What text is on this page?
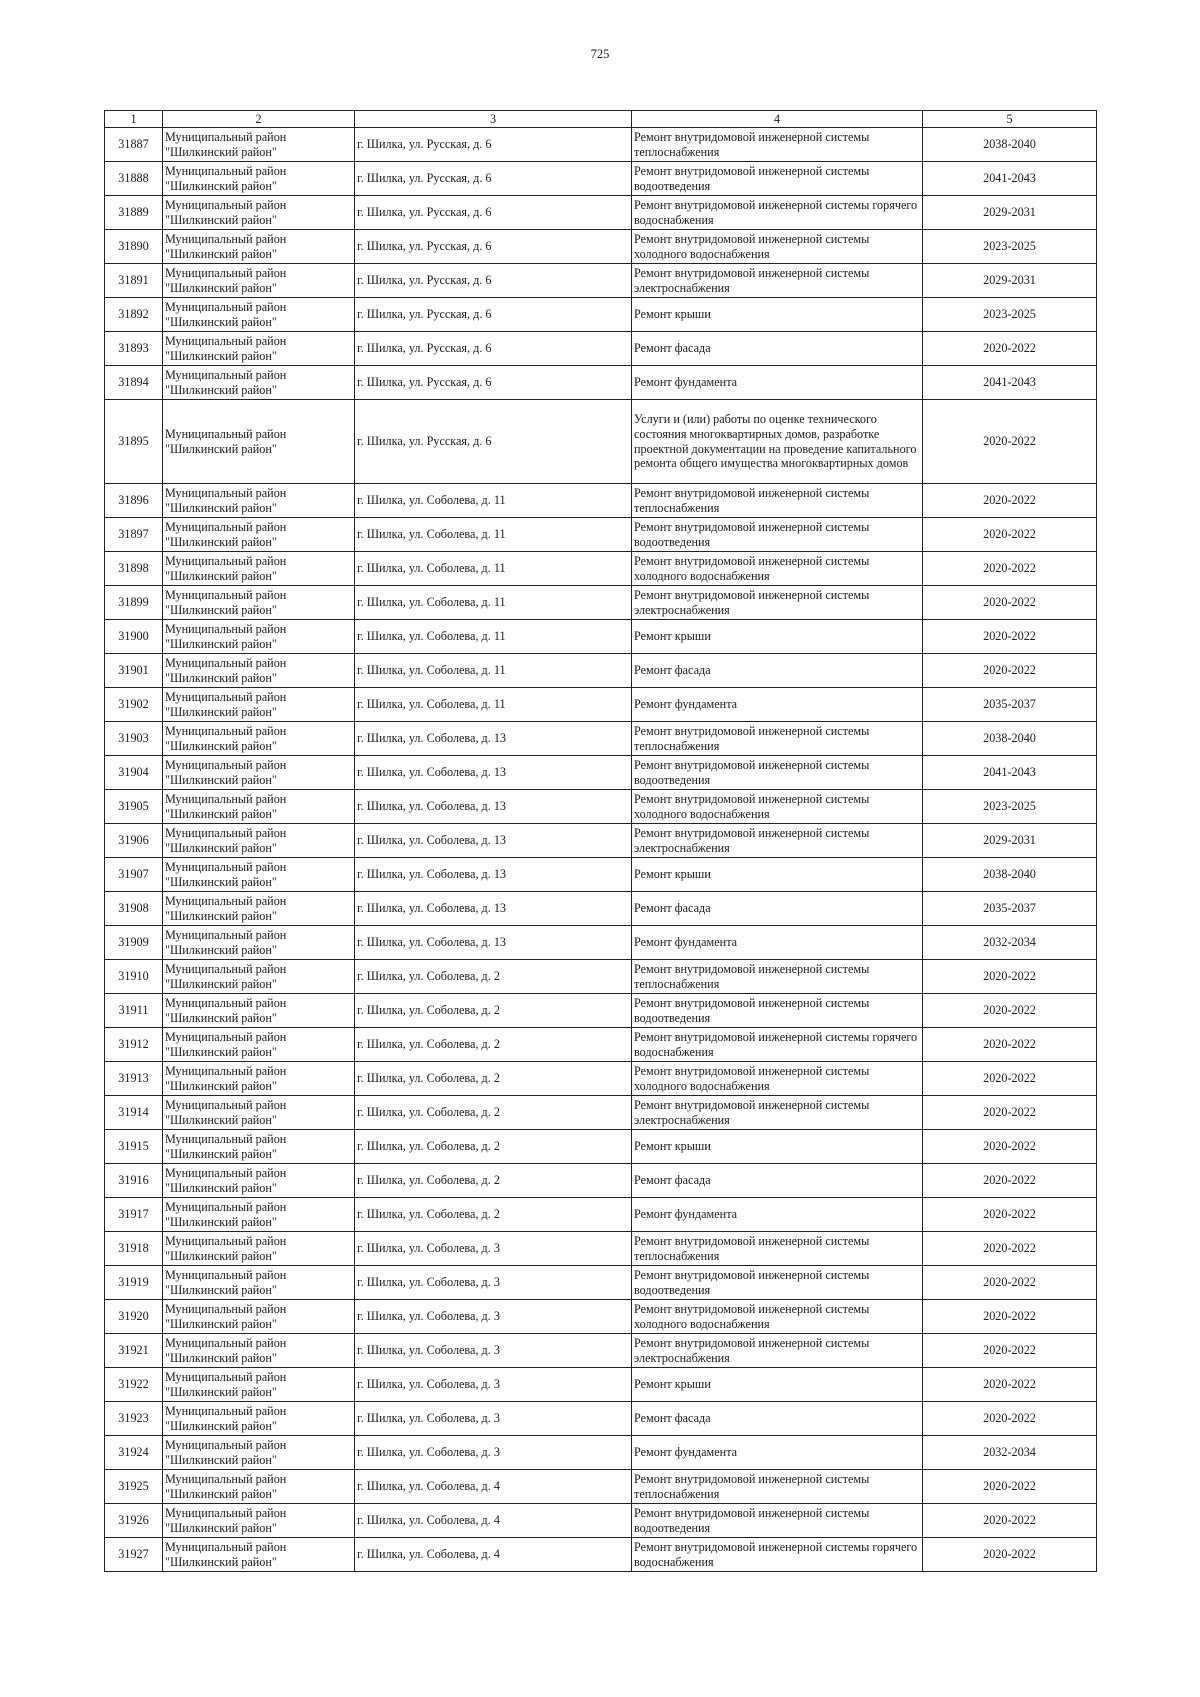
725
1	2	3	4	5
31887	Муниципальный район "Шилкинский район"	г. Шилка, ул. Русская, д. 6	Ремонт внутридомовой инженерной системы теплоснабжения	2038-2040
31888	Муниципальный район "Шилкинский район"	г. Шилка, ул. Русская, д. 6	Ремонт внутридомовой инженерной системы водоотведения	2041-2043
31889	Муниципальный район "Шилкинский район"	г. Шилка, ул. Русская, д. 6	Ремонт внутридомовой инженерной системы горячего водоснабжения	2029-2031
31890	Муниципальный район "Шилкинский район"	г. Шилка, ул. Русская, д. 6	Ремонт внутридомовой инженерной системы холодного водоснабжения	2023-2025
31891	Муниципальный район "Шилкинский район"	г. Шилка, ул. Русская, д. 6	Ремонт внутридомовой инженерной системы электроснабжения	2029-2031
31892	Муниципальный район "Шилкинский район"	г. Шилка, ул. Русская, д. 6	Ремонт крыши	2023-2025
31893	Муниципальный район "Шилкинский район"	г. Шилка, ул. Русская, д. 6	Ремонт фасада	2020-2022
31894	Муниципальный район "Шилкинский район"	г. Шилка, ул. Русская, д. 6	Ремонт фундамента	2041-2043
31895	Муниципальный район "Шилкинский район"	г. Шилка, ул. Русская, д. 6	Услуги и (или) работы по оценке технического состояния многоквартирных домов, разработке проектной документации на проведение капитального ремонта общего имущества многоквартирных домов	2020-2022
31896	Муниципальный район "Шилкинский район"	г. Шилка, ул. Соболева, д. 11	Ремонт внутридомовой инженерной системы теплоснабжения	2020-2022
31897	Муниципальный район "Шилкинский район"	г. Шилка, ул. Соболева, д. 11	Ремонт внутридомовой инженерной системы водоотведения	2020-2022
31898	Муниципальный район "Шилкинский район"	г. Шилка, ул. Соболева, д. 11	Ремонт внутридомовой инженерной системы холодного водоснабжения	2020-2022
31899	Муниципальный район "Шилкинский район"	г. Шилка, ул. Соболева, д. 11	Ремонт внутридомовой инженерной системы электроснабжения	2020-2022
31900	Муниципальный район "Шилкинский район"	г. Шилка, ул. Соболева, д. 11	Ремонт крыши	2020-2022
31901	Муниципальный район "Шилкинский район"	г. Шилка, ул. Соболева, д. 11	Ремонт фасада	2020-2022
31902	Муниципальный район "Шилкинский район"	г. Шилка, ул. Соболева, д. 11	Ремонт фундамента	2035-2037
31903	Муниципальный район "Шилкинский район"	г. Шилка, ул. Соболева, д. 13	Ремонт внутридомовой инженерной системы теплоснабжения	2038-2040
31904	Муниципальный район "Шилкинский район"	г. Шилка, ул. Соболева, д. 13	Ремонт внутридомовой инженерной системы водоотведения	2041-2043
31905	Муниципальный район "Шилкинский район"	г. Шилка, ул. Соболева, д. 13	Ремонт внутридомовой инженерной системы холодного водоснабжения	2023-2025
31906	Муниципальный район "Шилкинский район"	г. Шилка, ул. Соболева, д. 13	Ремонт внутридомовой инженерной системы электроснабжения	2029-2031
31907	Муниципальный район "Шилкинский район"	г. Шилка, ул. Соболева, д. 13	Ремонт крыши	2038-2040
31908	Муниципальный район "Шилкинский район"	г. Шилка, ул. Соболева, д. 13	Ремонт фасада	2035-2037
31909	Муниципальный район "Шилкинский район"	г. Шилка, ул. Соболева, д. 13	Ремонт фундамента	2032-2034
31910	Муниципальный район "Шилкинский район"	г. Шилка, ул. Соболева, д. 2	Ремонт внутридомовой инженерной системы теплоснабжения	2020-2022
31911	Муниципальный район "Шилкинский район"	г. Шилка, ул. Соболева, д. 2	Ремонт внутридомовой инженерной системы водоотведения	2020-2022
31912	Муниципальный район "Шилкинский район"	г. Шилка, ул. Соболева, д. 2	Ремонт внутридомовой инженерной системы горячего водоснабжения	2020-2022
31913	Муниципальный район "Шилкинский район"	г. Шилка, ул. Соболева, д. 2	Ремонт внутридомовой инженерной системы холодного водоснабжения	2020-2022
31914	Муниципальный район "Шилкинский район"	г. Шилка, ул. Соболева, д. 2	Ремонт внутридомовой инженерной системы электроснабжения	2020-2022
31915	Муниципальный район "Шилкинский район"	г. Шилка, ул. Соболева, д. 2	Ремонт крыши	2020-2022
31916	Муниципальный район "Шилкинский район"	г. Шилка, ул. Соболева, д. 2	Ремонт фасада	2020-2022
31917	Муниципальный район "Шилкинский район"	г. Шилка, ул. Соболева, д. 2	Ремонт фундамента	2020-2022
31918	Муниципальный район "Шилкинский район"	г. Шилка, ул. Соболева, д. 3	Ремонт внутридомовой инженерной системы теплоснабжения	2020-2022
31919	Муниципальный район "Шилкинский район"	г. Шилка, ул. Соболева, д. 3	Ремонт внутридомовой инженерной системы водоотведения	2020-2022
31920	Муниципальный район "Шилкинский район"	г. Шилка, ул. Соболева, д. 3	Ремонт внутридомовой инженерной системы холодного водоснабжения	2020-2022
31921	Муниципальный район "Шилкинский район"	г. Шилка, ул. Соболева, д. 3	Ремонт внутридомовой инженерной системы электроснабжения	2020-2022
31922	Муниципальный район "Шилкинский район"	г. Шилка, ул. Соболева, д. 3	Ремонт крыши	2020-2022
31923	Муниципальный район "Шилкинский район"	г. Шилка, ул. Соболева, д. 3	Ремонт фасада	2020-2022
31924	Муниципальный район "Шилкинский район"	г. Шилка, ул. Соболева, д. 3	Ремонт фундамента	2032-2034
31925	Муниципальный район "Шилкинский район"	г. Шилка, ул. Соболева, д. 4	Ремонт внутридомовой инженерной системы теплоснабжения	2020-2022
31926	Муниципальный район "Шилкинский район"	г. Шилка, ул. Соболева, д. 4	Ремонт внутридомовой инженерной системы водоотведения	2020-2022
31927	Муниципальный район "Шилкинский район"	г. Шилка, ул. Соболева, д. 4	Ремонт внутридомовой инженерной системы горячего водоснабжения	2020-2022
